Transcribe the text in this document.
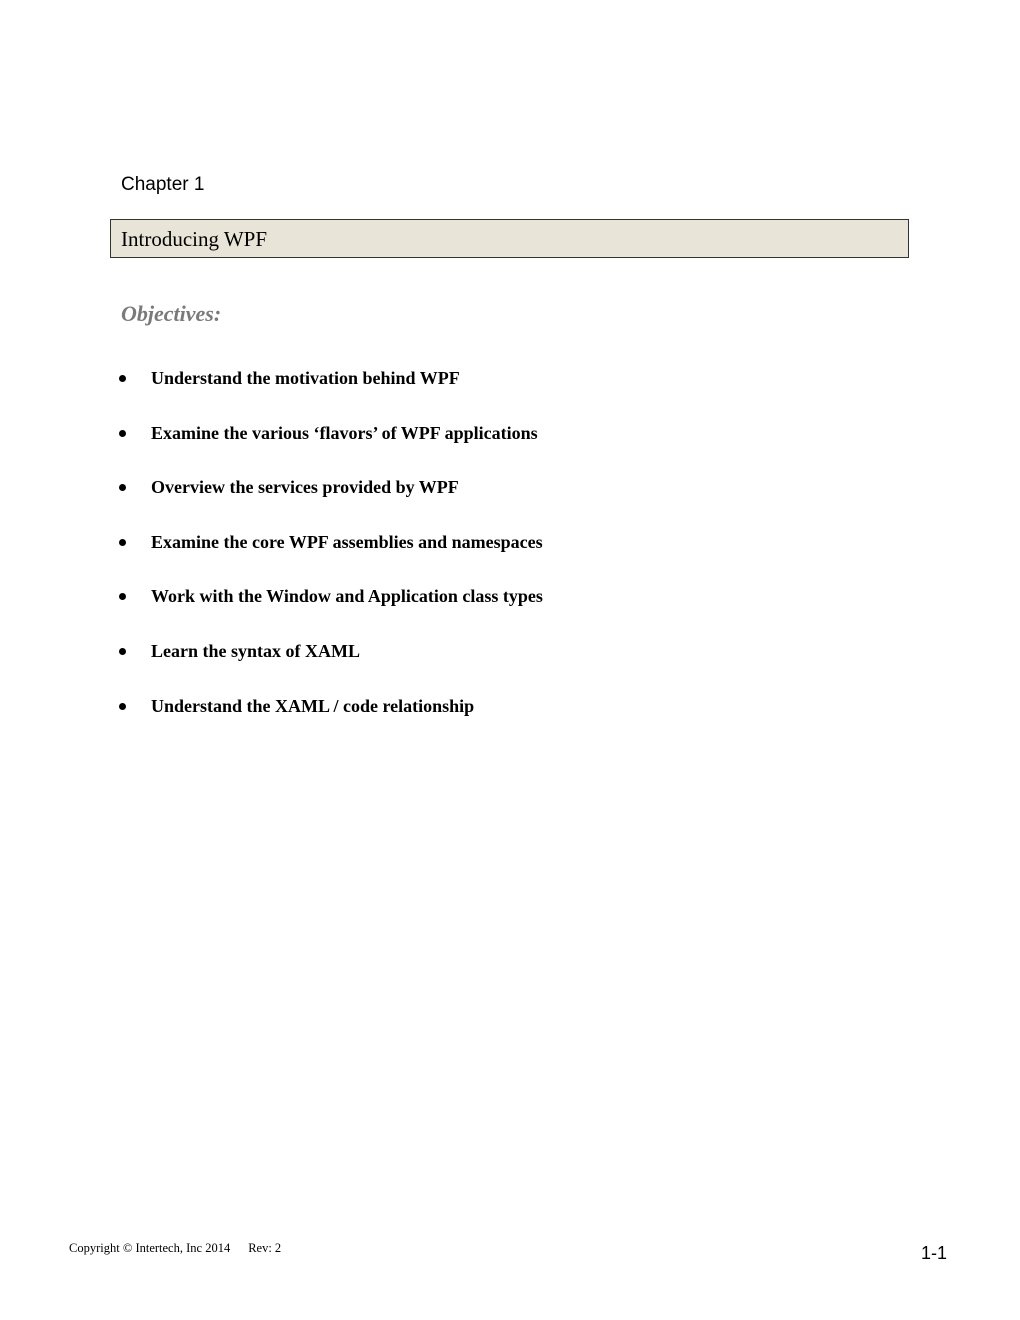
Chapter 1
Introducing WPF
Objectives:
Understand the motivation behind WPF
Examine the various ‘flavors’ of WPF applications
Overview the services provided by WPF
Examine the core WPF assemblies and namespaces
Work with the Window and Application class types
Learn the syntax of XAML
Understand the XAML / code relationship
Copyright © Intertech, Inc 2014 Rev: 2	1-1
